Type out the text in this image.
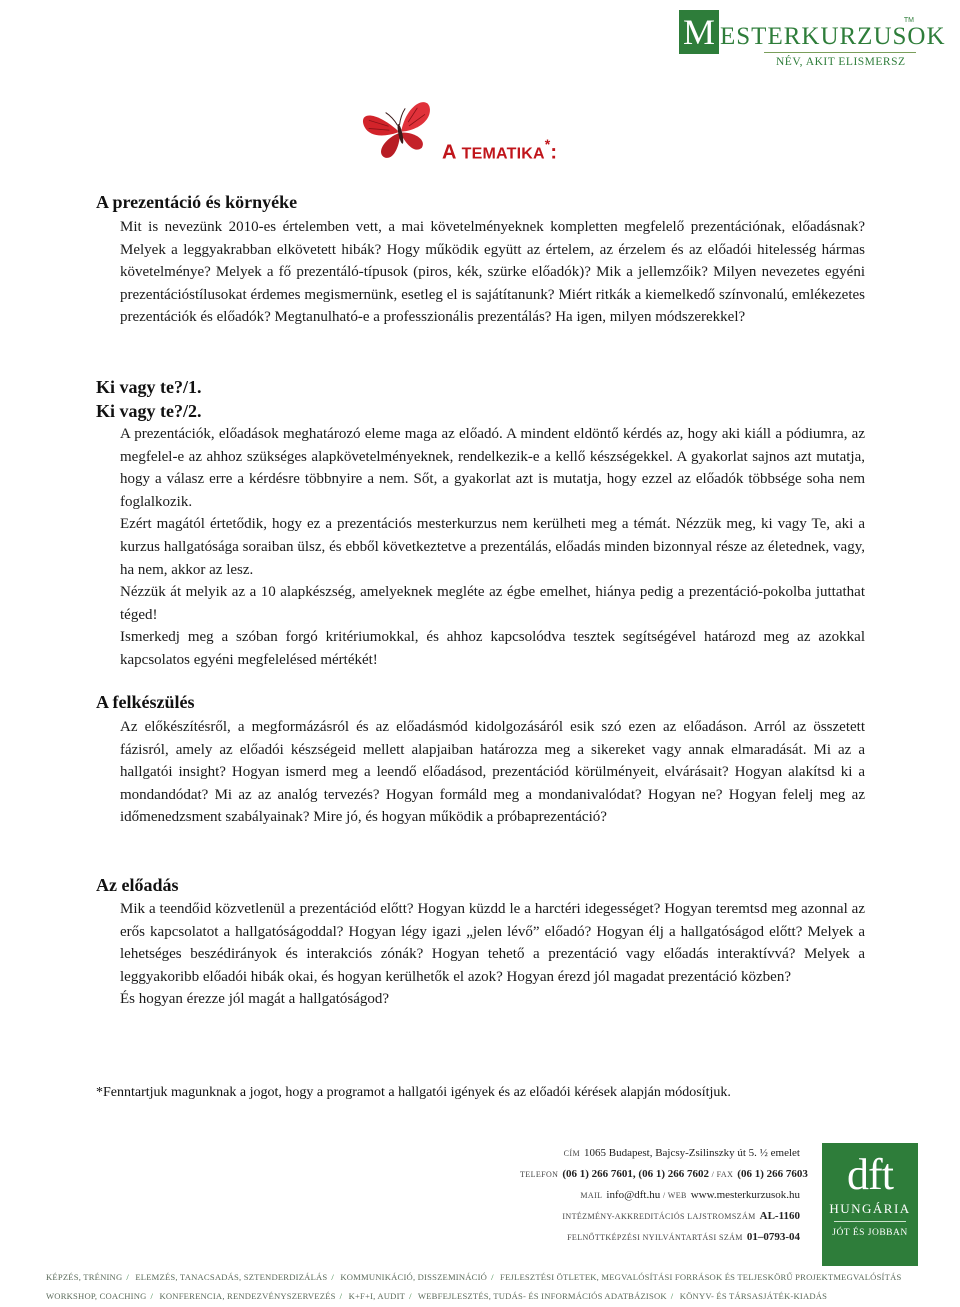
M ESTERKURZUSOK
TM
NÉV, AKIT ELISMERSZ
A TEMATIKA*:
A prezentáció és környéke

Mit is nevezünk 2010-es értelemben vett, a mai követelményeknek kompletten megfelelő prezentációnak, előadásnak? Melyek a leggyakrabban elkövetett hibák? Hogy működik együtt az értelem, az érzelem és az előadói hitelesség hármas követelménye? Melyek a fő prezentáló-típusok (piros, kék, szürke előadók)? Mik a jellemzőik? Milyen nevezetes egyéni prezentációstílusokat érdemes megismernünk, esetleg el is sajátítanunk? Miért ritkák a kiemelkedő színvonalú, emlékezetes prezentációk és előadók? Megtanulható-e a professzionális prezentálás? Ha igen, milyen módszerekkel?

Ki vagy te?/1.
Ki vagy te?/2.

A prezentációk, előadások meghatározó eleme maga az előadó. A mindent eldöntő kérdés az, hogy aki kiáll a pódiumra, az megfelel-e az ahhoz szükséges alapkövetelményeknek, rendelkezik-e a kellő készségekkel. A gyakorlat sajnos azt mutatja, hogy a válasz erre a kérdésre többnyire a nem. Sőt, a gyakorlat azt is mutatja, hogy ezzel az előadók többsége soha nem foglalkozik.

Ezért magától értetődik, hogy ez a prezentációs mesterkurzus nem kerülheti meg a témát. Nézzük meg, ki vagy Te, aki a kurzus hallgatósága soraiban ülsz, és ebből következtetve a prezentálás, előadás minden bizonnyal része az életednek, vagy, ha nem, akkor az lesz.

Nézzük át melyik az a 10 alapkészség, amelyeknek megléte az égbe emelhet, hiánya pedig a prezentáció-pokolba juttathat téged!

Ismerkedj meg a szóban forgó kritériumokkal, és ahhoz kapcsolódva tesztek segítségével határozd meg az azokkal kapcsolatos egyéni megfelelésed mértékét!

A felkészülés

Az előkészítésről, a megformázásról és az előadásmód kidolgozásáról esik szó ezen az előadáson. Arról az összetett fázisról, amely az előadói készségeid mellett alapjaiban határozza meg a sikereket vagy annak elmaradását. Mi az a hallgatói insight? Hogyan ismerd meg a leendő előadásod, prezentációd körülményeit, elvárásait? Hogyan alakítsd ki a mondandódat? Mi az az analóg tervezés? Hogyan formáld meg a mondanivalódat? Hogyan ne? Hogyan felelj meg az időmenedzsment szabályainak? Mire jó, és hogyan működik a próbaprezentáció?

Az előadás

Mik a teendőid közvetlenül a prezentációd előtt? Hogyan küzdd le a harctéri idegességet? Hogyan teremtsd meg azonnal az erős kapcsolatot a hallgatóságoddal? Hogyan légy igazi „jelen lévő” előadó? Hogyan élj a hallgatóságod előtt? Melyek a lehetséges beszédirányok és interakciós zónák? Hogyan tehető a prezentáció vagy előadás interaktívvá? Melyek a leggyakoribb előadói hibák okai, és hogyan kerülhetők el azok? Hogyan érezd jól magadat prezentáció közben?

És hogyan érezze jól magát a hallgatóságod?

*Fenntartjuk magunknak a jogot, hogy a programot a hallgatói igények és az előadói kérések alapján módosítjuk.
CÍM 1065 Budapest, Bajcsy-Zsilinszky út 5. ½ emelet
TELEFON (06 1) 266 7601, (06 1) 266 7602 / FAX (06 1) 266 7603
MAIL info@dft.hu / WEB www.mesterkurzusok.hu
INTÉZMÉNY-AKKREDITÁCIÓS LAJSTROMSZÁM AL-1160
FELNŐTTKÉPZÉSI NYILVÁNTARTÁSI SZÁM 01–0793-04
dft
HUNGÁRIA
JÓT ÉS JOBBAN
KÉPZÉS, TRÉNING / ELEMZÉS, TANACSADÁS, SZTENDERDIZÁLÁS / KOMMUNIKÁCIÓ, DISSZEMINÁCIÓ / FEJLESZTÉSI ÖTLETEK, MEGVALÓSÍTÁSI FORRÁSOK ÉS TELJESKÖRŰ PROJEKTMEGVALÓSÍTÁS
WORKSHOP, COACHING / KONFERENCIA, RENDEZVÉNYSZERVEZÉS / K+F+I, AUDIT / WEBFEJLESZTÉS, TUDÁS- ÉS INFORMÁCIÓS ADATBÁZISOK / KÖNYV- ÉS TÁRSASJÁTÉK-KIADÁS
